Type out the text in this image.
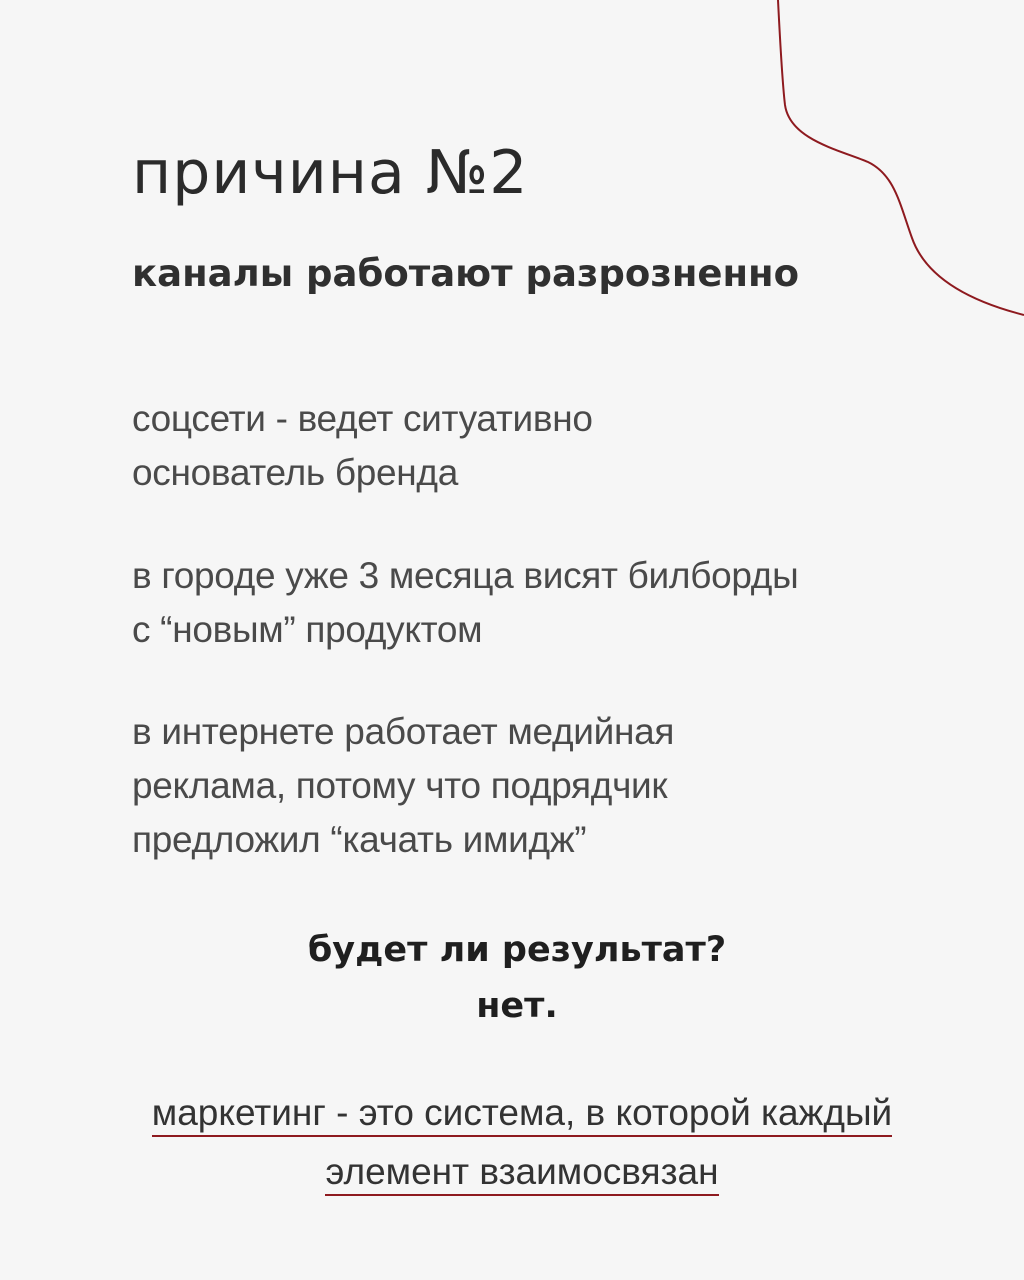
причина №2
каналы работают разрозненно
соцсети - ведет ситуативно
основатель бренда
в городе уже 3 месяца висят билборды
с “новым” продуктом
в интернете работает медийная
реклама, потому что подрядчик
предложил “качать имидж”
будет ли результат?
нет.
маркетинг - это система, в которой каждый
элемент взаимосвязан
